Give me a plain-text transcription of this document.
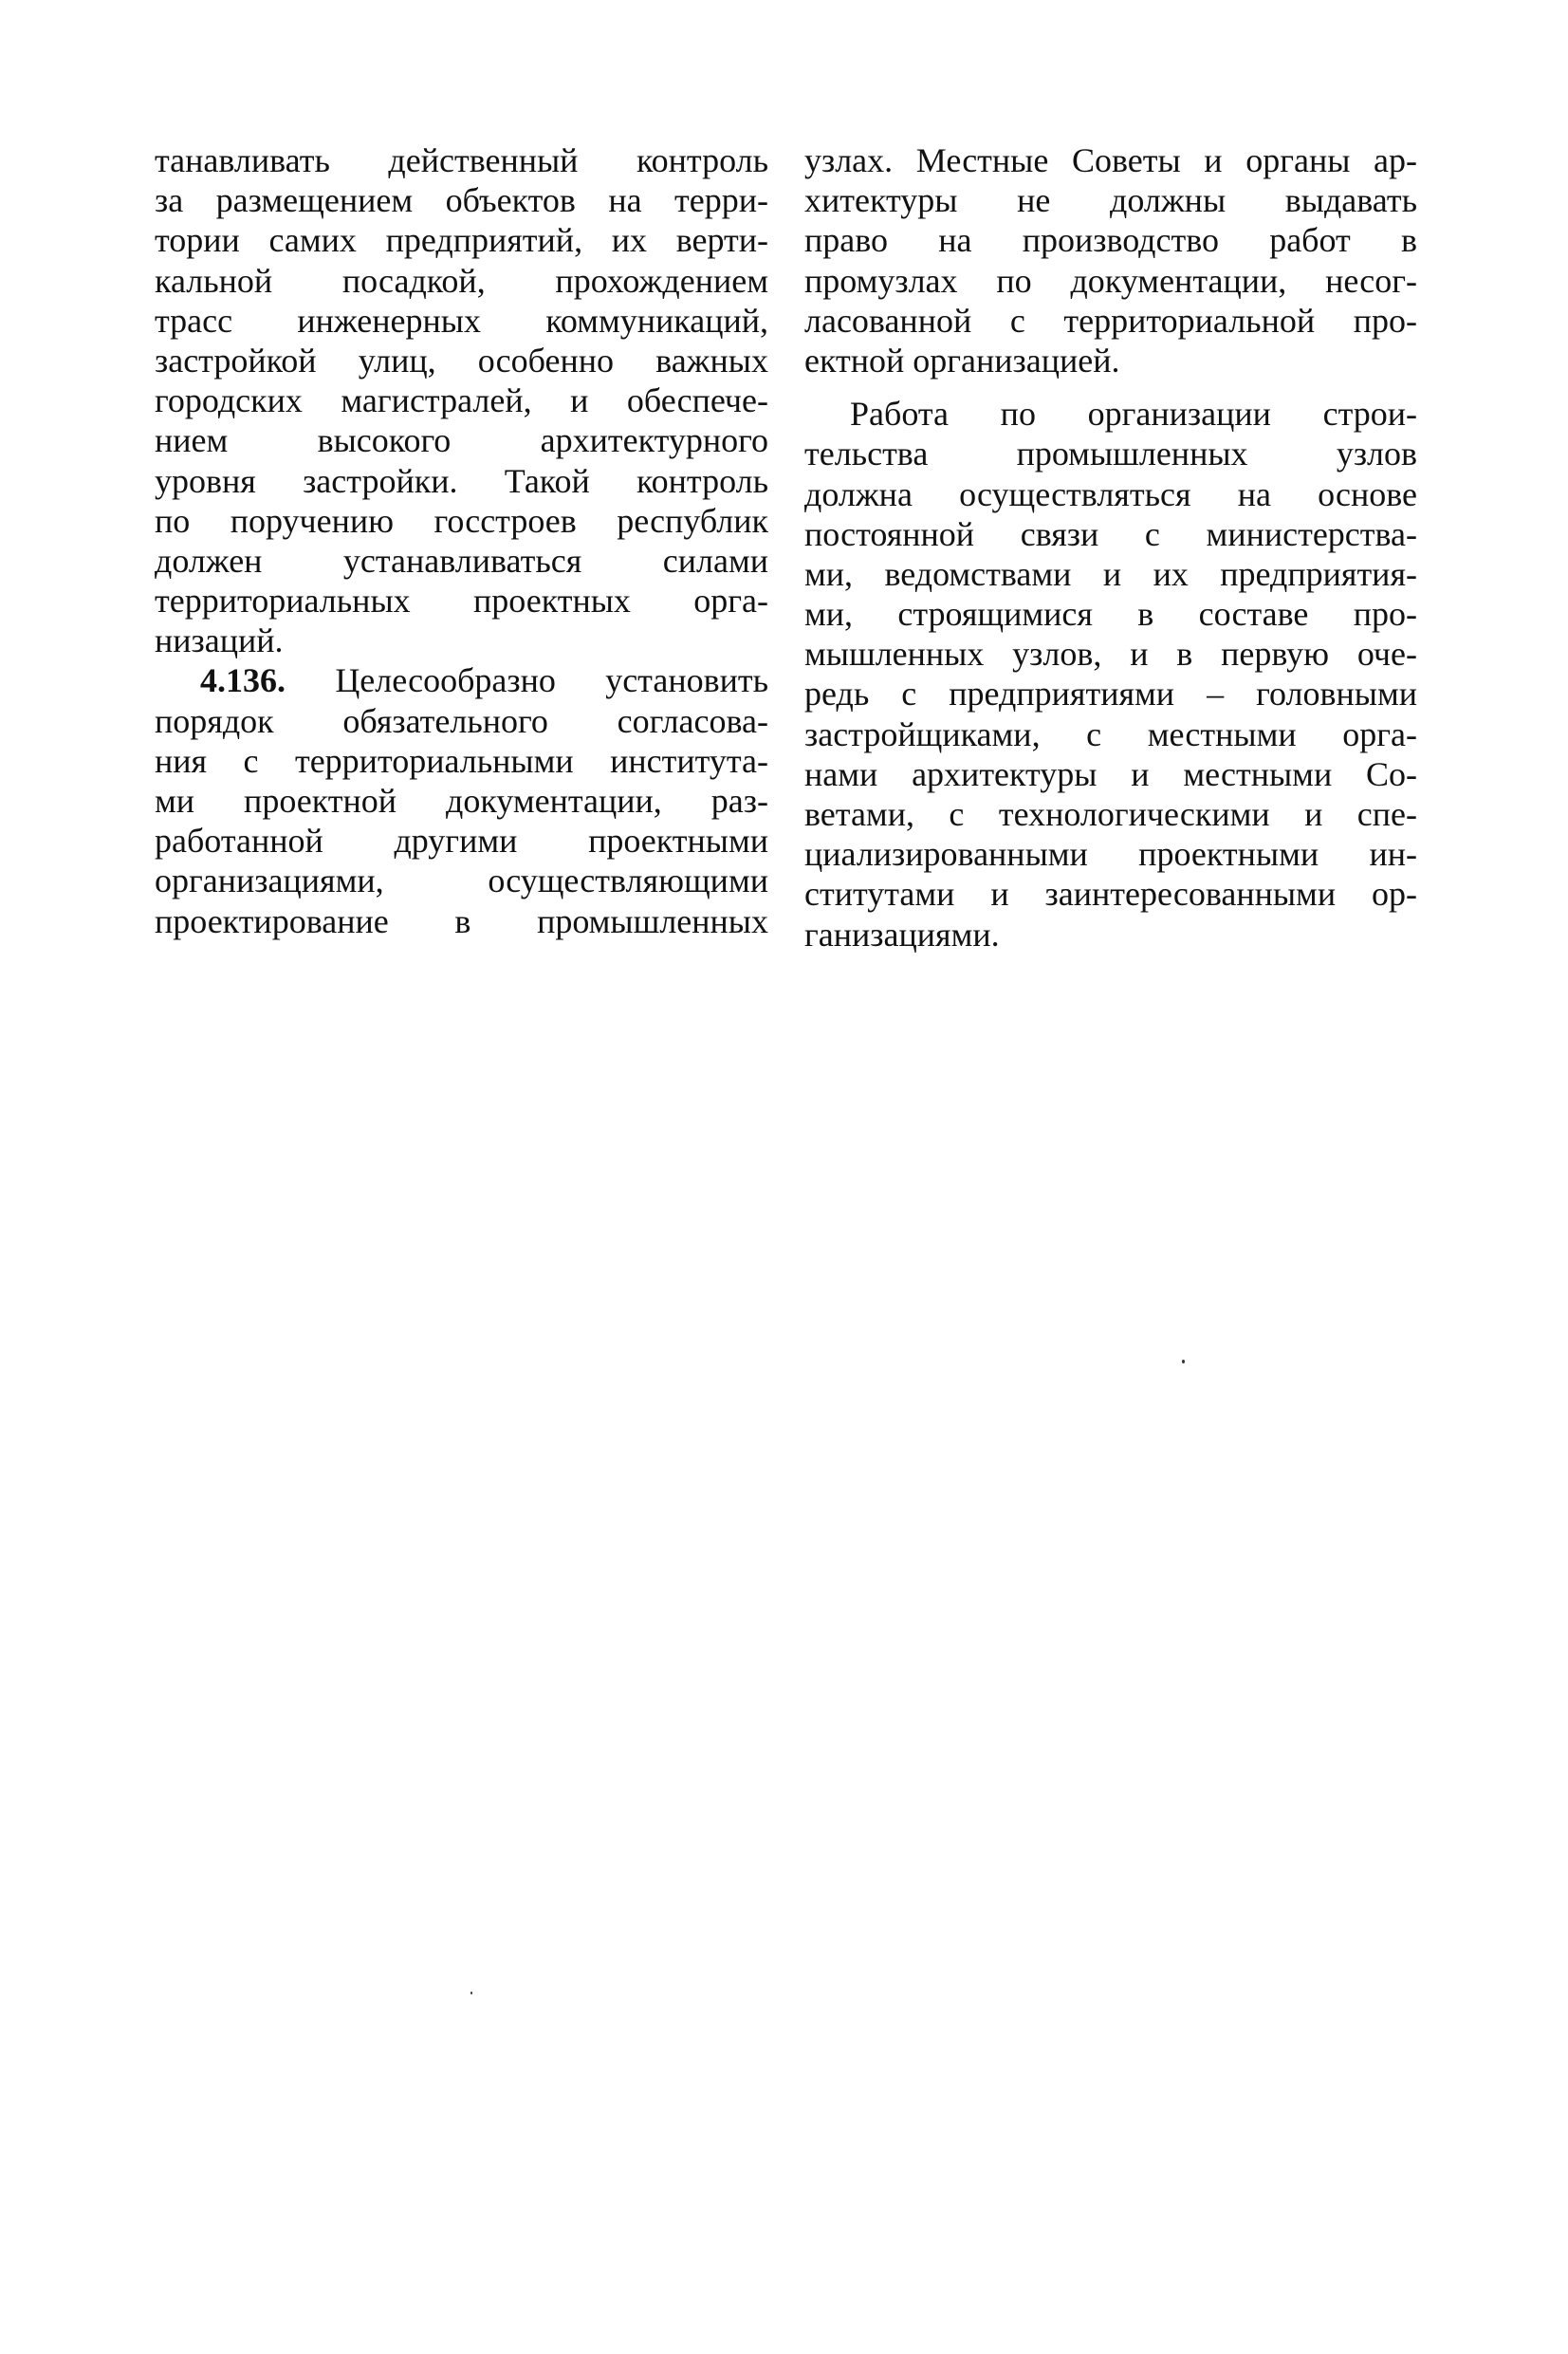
танавливать действенный контроль
за размещением объектов на терри-
тории самих предприятий, их верти-
кальной посадкой, прохождением
трасс инженерных коммуникаций,
застройкой улиц, особенно важных
городских магистралей, и обеспече-
нием высокого архитектурного
уровня застройки. Такой контроль
по поручению госстроев республик
должен устанавливаться силами
территориальных проектных орга-
низаций.
4.136. Целесообразно установить
порядок обязательного согласова-
ния с территориальными института-
ми проектной документации, раз-
работанной другими проектными
организациями, осуществляющими
проектирование в промышленных
узлах. Местные Советы и органы ар-
хитектуры не должны выдавать
право на производство работ в
промузлах по документации, несог-
ласованной с территориальной про-
ектной организацией.
Работа по организации строи-
тельства промышленных узлов
должна осуществляться на основе
постоянной связи с министерства-
ми, ведомствами и их предприятия-
ми, строящимися в составе про-
мышленных узлов, и в первую оче-
редь с предприятиями – головными
застройщиками, с местными орга-
нами архитектуры и местными Со-
ветами, с технологическими и спе-
циализированными проектными ин-
ститутами и заинтересованными ор-
ганизациями.
